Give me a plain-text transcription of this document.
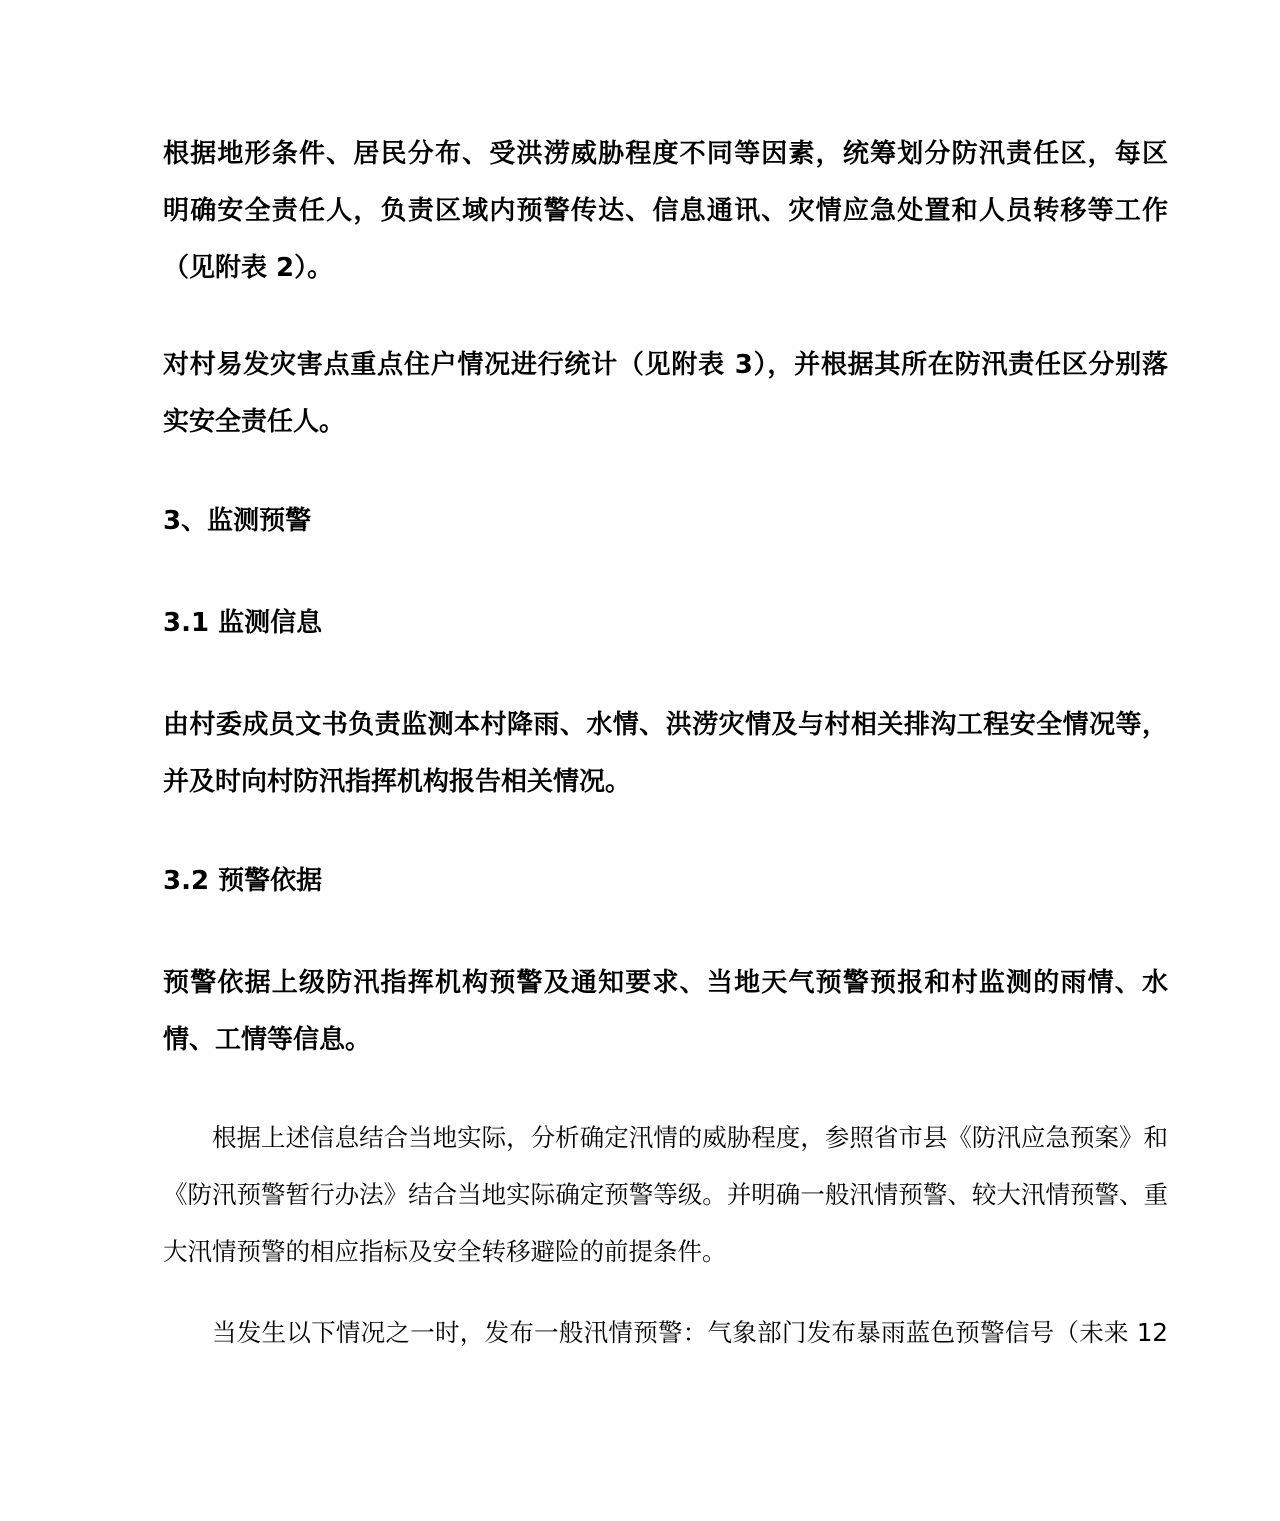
根据地形条件、居民分布、受洪涝威胁程度不同等因素，统筹划分防汛责任区，每区
明确安全责任人，负责区域内预警传达、信息通讯、灾情应急处置和人员转移等工作
（见附表 2）。
对村易发灾害点重点住户情况进行统计（见附表 3），并根据其所在防汛责任区分别落
实安全责任人。
3、监测预警
3.1 监测信息
由村委成员文书负责监测本村降雨、水情、洪涝灾情及与村相关排沟工程安全情况等，
并及时向村防汛指挥机构报告相关情况。
3.2 预警依据
预警依据上级防汛指挥机构预警及通知要求、当地天气预警预报和村监测的雨情、水
情、工情等信息。
根据上述信息结合当地实际，分析确定汛情的威胁程度，参照省市县《防汛应急预案》和
《防汛预警暂行办法》结合当地实际确定预警等级。并明确一般汛情预警、较大汛情预警、重
大汛情预警的相应指标及安全转移避险的前提条件。
当发生以下情况之一时，发布一般汛情预警：气象部门发布暴雨蓝色预警信号（未来 12
